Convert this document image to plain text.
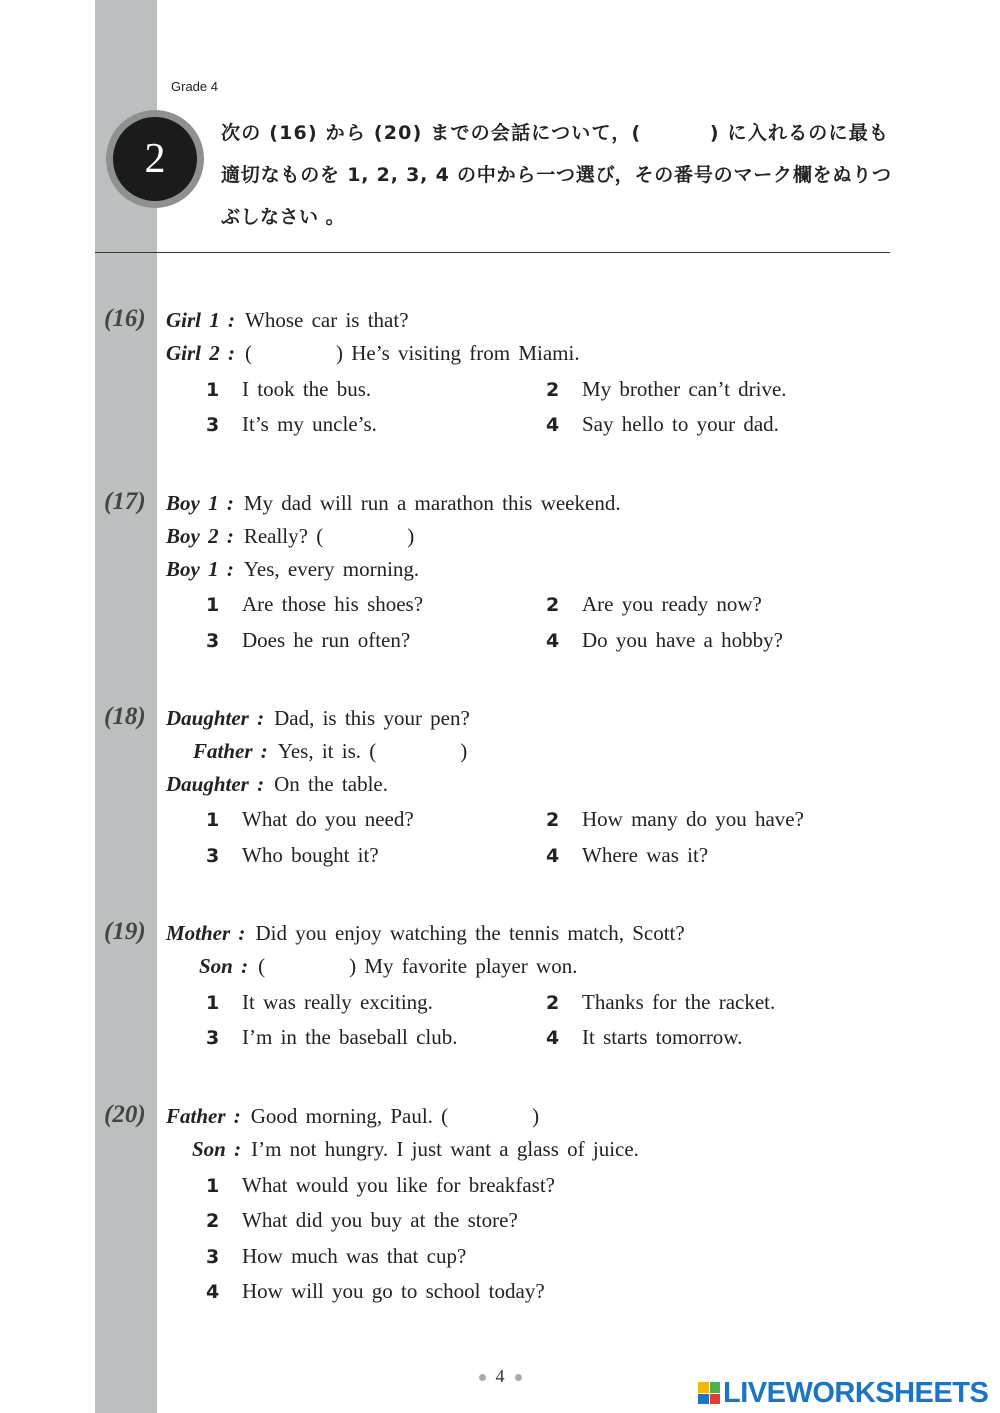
Grade 4
2
次の (16) から (20) までの会話について，(　　　 ) に入れるのに最も
適切なものを 1, 2, 3, 4 の中から一つ選び，その番号のマーク欄をぬりつ
ぶしなさい 。
(16) Girl 1 : Whose car is that?
Girl 2 : (	) He’s visiting from Miami.
1 I took the bus.	2 My brother can’t drive.
3 It’s my uncle’s.	4 Say hello to your dad.
(17) Boy 1 : My dad will run a marathon this weekend.
Boy 2 : Really? (	)
Boy 1 : Yes, every morning.
1 Are those his shoes?	2 Are you ready now?
3 Does he run often?	4 Do you have a hobby?
(18) Daughter : Dad, is this your pen?
Father : Yes, it is. (	)
Daughter : On the table.
1 What do you need?	2 How many do you have?
3 Who bought it?	4 Where was it?
(19) Mother : Did you enjoy watching the tennis match, Scott?
Son : (	) My favorite player won.
1 It was really exciting.	2 Thanks for the racket.
3 I’m in the baseball club.	4 It starts tomorrow.
(20) Father : Good morning, Paul. (	)
Son : I’m not hungry. I just want a glass of juice.
1 What would you like for breakfast?
2 What did you buy at the store?
3 How much was that cup?
4 How will you go to school today?
4
LIVEWORKSHEETS
